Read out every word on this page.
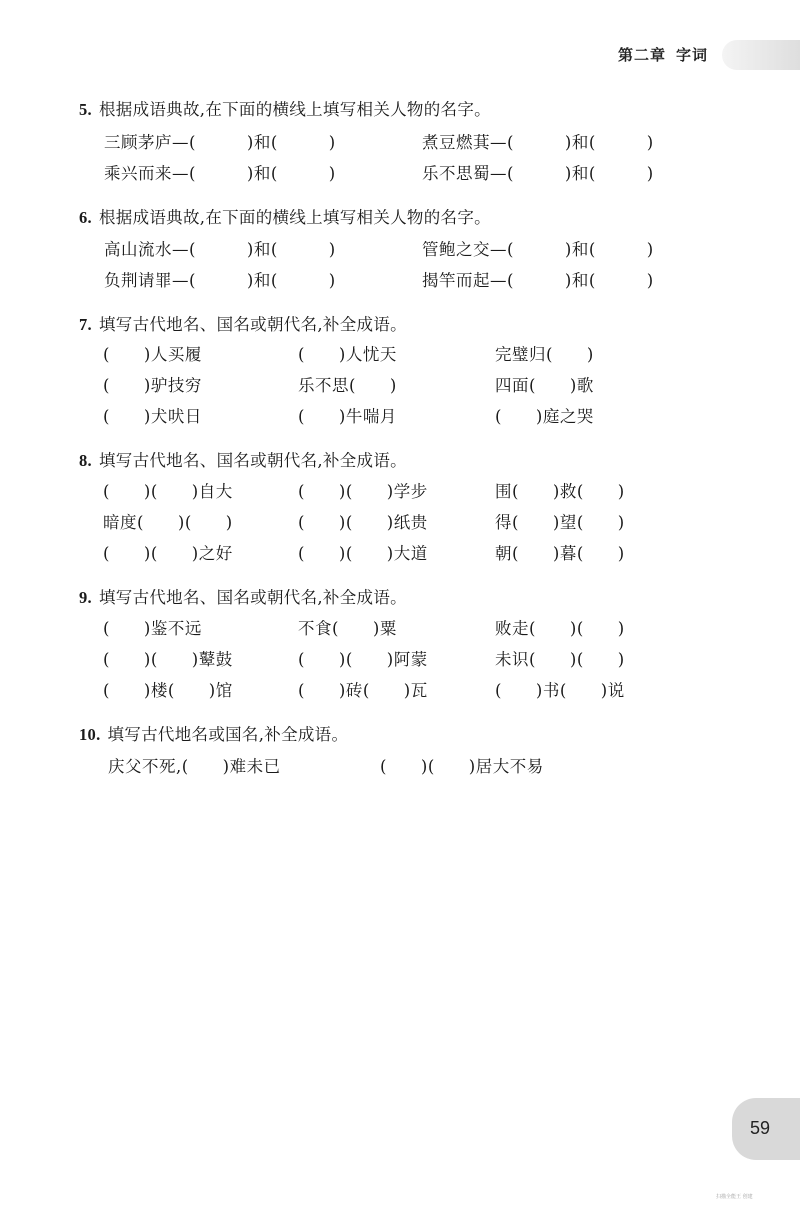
第二章 字词
5. 根据成语典故,在下面的横线上填写相关人物的名字。
三顾茅庐—(　　　)和(　　　)	煮豆燃萁—(　　　)和(　　　)
乘兴而来—(　　　)和(　　　)	乐不思蜀—(　　　)和(　　　)
6. 根据成语典故,在下面的横线上填写相关人物的名字。
高山流水—(　　　)和(　　　)	管鲍之交—(　　　)和(　　　)
负荆请罪—(　　　)和(　　　)	揭竿而起—(　　　)和(　　　)
7. 填写古代地名、国名或朝代名,补全成语。
(　　)人买履	(　　)人忧天	完璧归(　　)
(　　)驴技穷	乐不思(　　)	四面(　　)歌
(　　)犬吠日	(　　)牛喘月	(　　)庭之哭
8. 填写古代地名、国名或朝代名,补全成语。
(　　)(　　)自大	(　　)(　　)学步	围(　　)救(　　)
暗度(　　)(　　)	(　　)(　　)纸贵	得(　　)望(　　)
(　　)(　　)之好	(　　)(　　)大道	朝(　　)暮(　　)
9. 填写古代地名、国名或朝代名,补全成语。
(　　)鉴不远	不食(　　)粟	败走(　　)(　　)
(　　)(　　)鼙鼓	(　　)(　　)阿蒙	未识(　　)(　　)
(　　)楼(　　)馆	(　　)砖(　　)瓦	(　　)书(　　)说
10. 填写古代地名或国名,补全成语。
庆父不死,(　　)难未已	(　　)(　　)居大不易
59
扫描全能王 创建
